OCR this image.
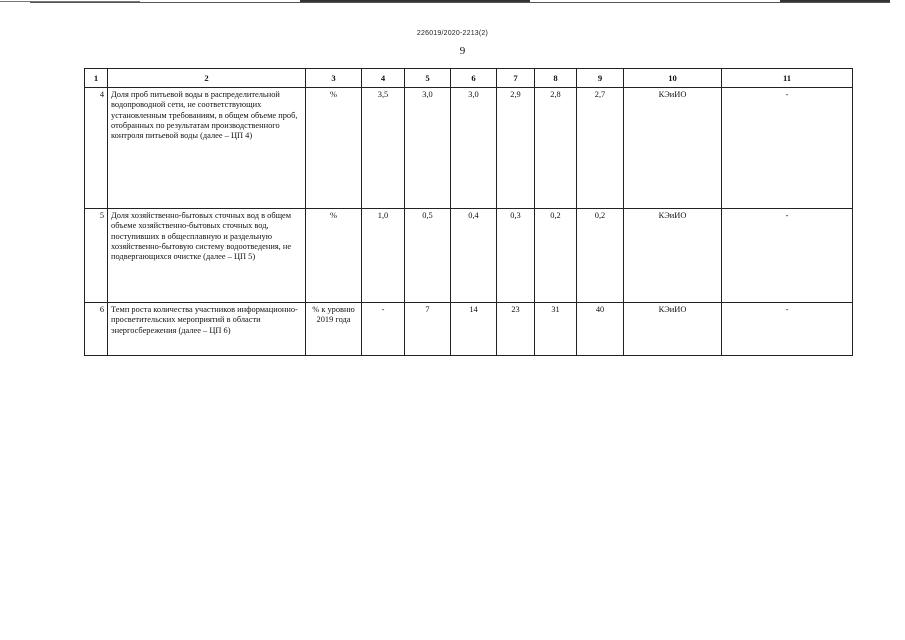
226019/2020-2213(2)
9
1	2	3	4	5	6	7	8	9	10	11
4	Доля проб питьевой воды в распределительной водопроводной сети, не соответствующих установленным требованиям, в общем объеме проб, отобранных по результатам производственного контроля питьевой воды (далее – ЦП 4)	%	3,5	3,0	3,0	2,9	2,8	2,7	КЭиИО	-
5	Доля хозяйственно-бытовых сточных вод в общем объеме хозяйственно-бытовых сточных вод, поступивших в общесплавную и раздельную хозяйственно-бытовую систему водоотведения, не подвергающихся очистке (далее – ЦП 5)	%	1,0	0,5	0,4	0,3	0,2	0,2	КЭиИО	-
6	Темп роста количества участников информационно-просветительских мероприятий в области энергосбережения (далее – ЦП 6)	% к уровню 2019 года	-	7	14	23	31	40	КЭиИО	-
